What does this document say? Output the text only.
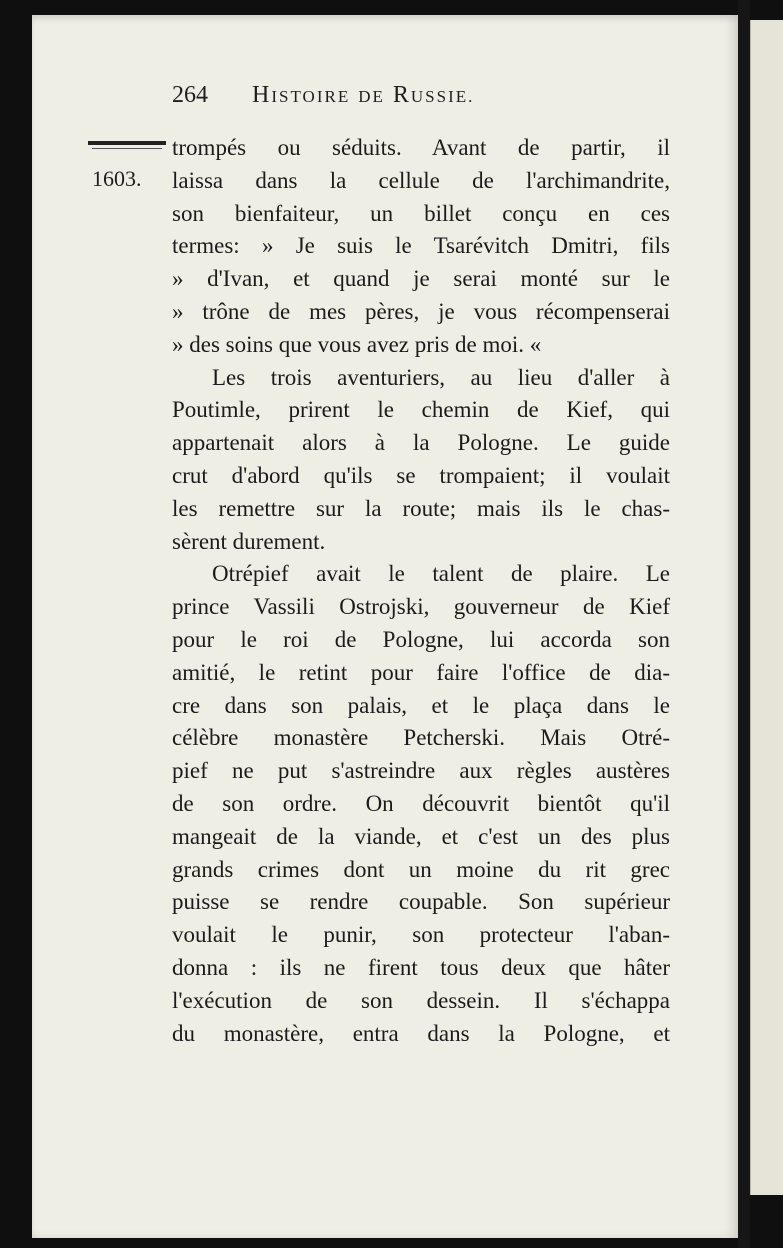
264 HISTOIRE DE RUSSIE.
1603.
trompés ou séduits. Avant de partir, il
laissa dans la cellule de l'archimandrite,
son bienfaiteur, un billet conçu en ces
termes: » Je suis le Tsarévitch Dmitri, fils
» d'Ivan, et quand je serai monté sur le
» trône de mes pères, je vous récompenserai
» des soins que vous avez pris de moi. «
Les trois aventuriers, au lieu d'aller à
Poutimle, prirent le chemin de Kief, qui
appartenait alors à la Pologne. Le guide
crut d'abord qu'ils se trompaient; il voulait
les remettre sur la route; mais ils le chas-
sèrent durement.
Otrépief avait le talent de plaire. Le
prince Vassili Ostrojski, gouverneur de Kief
pour le roi de Pologne, lui accorda son
amitié, le retint pour faire l'office de dia-
cre dans son palais, et le plaça dans le
célèbre monastère Petcherski. Mais Otré-
pief ne put s'astreindre aux règles austères
de son ordre. On découvrit bientôt qu'il
mangeait de la viande, et c'est un des plus
grands crimes dont un moine du rit grec
puisse se rendre coupable. Son supérieur
voulait le punir, son protecteur l'aban-
donna : ils ne firent tous deux que hâter
l'exécution de son dessein. Il s'échappa
du monastère, entra dans la Pologne, et
